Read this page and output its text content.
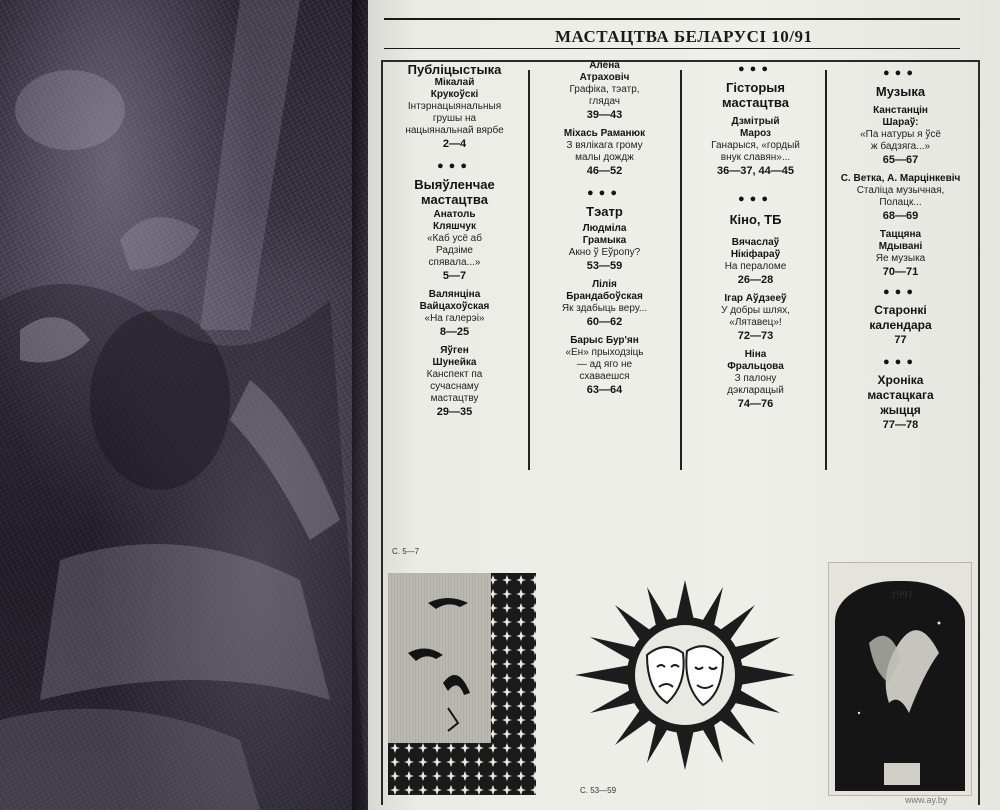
МАСТАЦТВА БЕЛАРУСІ 10/91
Публіцыстыка
Мікалай Крукоўскі
Інтэрнацыянальныя грушы на нацыянальнай вярбе
2—4
●●●
Выяўленчае мастацтва
Анатоль Кляшчук
«Каб усё аб Радзіме спявала...»
5—7
Валянціна Вайцахоўская
«На галерэі»
8—25
Яўген Шунейка
Канспект па сучаснаму мастацтву
29—35
Алена Атраховіч
Графіка, тэатр, глядач
39—43
Міхась Раманюк
З вялікага грому малы дождж
46—52
●●●
Тэатр
Людміла Грамыка
Акно ў Еўропу?
53—59
Лілія Брандабоўская
Як здабыць веру...
60—62
Барыс Бур'ян
«Ен» прыходзіць — ад яго не схаваешся
63—64
●●●
Гісторыя мастацтва
Дзмітрый Мароз
Ганарыся, «гордый внук славян»...
36—37, 44—45
●●●
Кіно, ТБ
Вячаслаў Нікіфараў
На пераломе
26—28
Ігар Аўдзееў
У добры шлях, «Лятавец»!
72—73
Ніна Фральцова
З палону дэкларацый
74—76
●●●
Музыка
Канстанцін Шараў:
«Па натуры я ўсё ж бадзяга...»
65—67
С. Ветка, А. Марцінкевіч
Сталіца музычная, Полацк...
68—69
Таццяна Мдывані
Яе музыка
70—71
●●●
Старонкі календара
77
●●●
Хроніка мастацкага жыцця
77—78
С. 5—7
С. 53—59
1991
www.ay.by
